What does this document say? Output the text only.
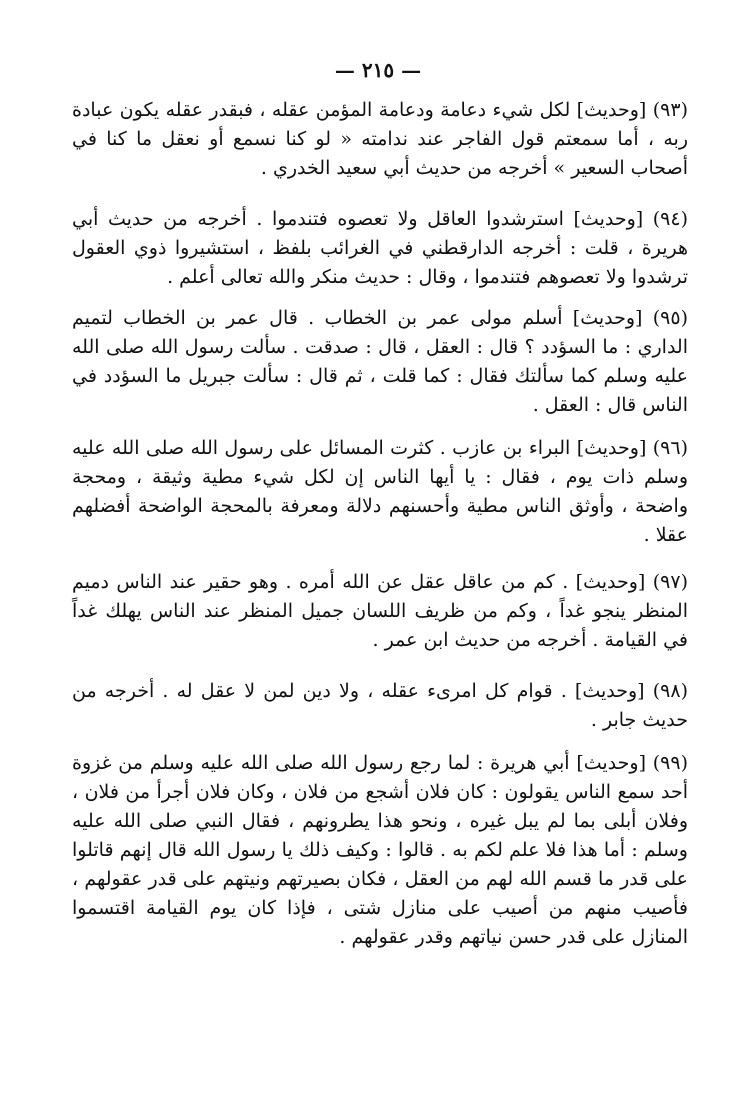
— ٢١٥ —

(٩٣) [وحديث] لكل شيء دعامة ودعامة المؤمن عقله ، فبقدر عقله يكون عبادة ربه ، أما سمعتم قول الفاجر عند ندامته « لو كنا نسمع أو نعقل ما كنا في أصحاب السعير » أخرجه من حديث أبي سعيد الخدري .

(٩٤) [وحديث] استرشدوا العاقل ولا تعصوه فتندموا . أخرجه من حديث أبي هريرة ، قلت : أخرجه الدارقطني في الغرائب بلفظ ، استشيروا ذوي العقول ترشدوا ولا تعصوهم فتندموا ، وقال : حديث منكر والله تعالى أعلم .

(٩٥) [وحديث] أسلم مولى عمر بن الخطاب . قال عمر بن الخطاب لتميم الداري : ما السؤدد ؟ قال : العقل ، قال : صدقت . سألت رسول الله صلى الله عليه وسلم كما سألتك فقال : كما قلت ، ثم قال : سألت جبريل ما السؤدد في الناس قال : العقل .

(٩٦) [وحديث] البراء بن عازب . كثرت المسائل على رسول الله صلى الله عليه وسلم ذات يوم ، فقال : يا أيها الناس إن لكل شيء مطية وثيقة ، ومحجة واضحة ، وأوثق الناس مطية وأحسنهم دلالة ومعرفة بالمحجة الواضحة أفضلهم عقلا .

(٩٧) [وحديث] . كم من عاقل عقل عن الله أمره . وهو حقير عند الناس دميم المنظر ينجو غداً ، وكم من ظريف اللسان جميل المنظر عند الناس يهلك غداً في القيامة . أخرجه من حديث ابن عمر .

(٩٨) [وحديث] . قوام كل امرىء عقله ، ولا دين لمن لا عقل له . أخرجه من حديث جابر .

(٩٩) [وحديث] أبي هريرة : لما رجع رسول الله صلى الله عليه وسلم من غزوة أحد سمع الناس يقولون : كان فلان أشجع من فلان ، وكان فلان أجرأ من فلان ، وفلان أبلى بما لم يبل غيره ، ونحو هذا يطرونهم ، فقال النبي صلى الله عليه وسلم : أما هذا فلا علم لكم به . قالوا : وكيف ذلك يا رسول الله قال إنهم قاتلوا على قدر ما قسم الله لهم من العقل ، فكان بصيرتهم ونيتهم على قدر عقولهم ، فأصيب منهم من أصيب على منازل شتى ، فإذا كان يوم القيامة اقتسموا المنازل على قدر حسن نياتهم وقدر عقولهم .
